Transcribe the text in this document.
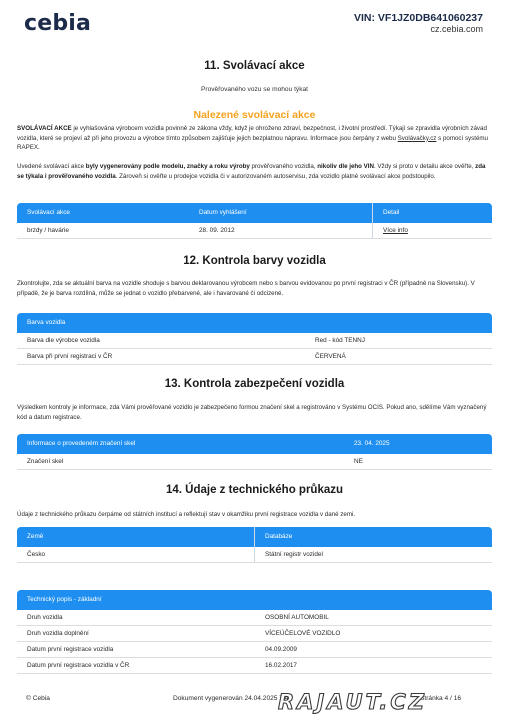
cebia	VIN: VF1JZ0DB641060237
cz.cebia.com
11. Svolávací akce
Prověřovaného vozu se mohou týkat
Nalezené svolávací akce
SVOLÁVACÍ AKCE je vyhlašována výrobcem vozidla povinně ze zákona vždy, když je ohroženo zdraví, bezpečnost, i životní prostředí. Týkají se zpravidla výrobních závad vozidla, které se projeví až při jeho provozu a výrobce tímto způsobem zajišťuje jejich bezplatnou nápravu. Informace jsou čerpány z webu Svolávačky.cz s pomocí systému RAPEX.
Uvedené svolávací akce byly vygenerovány podle modelu, značky a roku výroby prověřovaného vozidla, nikoliv dle jeho VIN. Vždy si proto v detailu akce ověřte, zda se týkala i prověřovaného vozidla. Zároveň si ověřte u prodejce vozidla či v autorizovaném autoservisu, zda vozidlo platné svolávací akce podstoupilo.
Svolávací akce	Datum vyhlášení	Detail
brzdy / havárie	28. 09. 2012	Více info
12. Kontrola barvy vozidla
Zkontrolujte, zda se aktuální barva na vozidle shoduje s barvou deklarovanou výrobcem nebo s barvou evidovanou po první registraci v ČR (případně na Slovensku). V případě, že je barva rozdílná, může se jednat o vozidlo přebarvené, ale i havarované či odcizené.
Barva vozidla
Barva dle výrobce vozidla	Red - kód TENNJ
Barva při první registraci v ČR	ČERVENÁ
13. Kontrola zabezpečení vozidla
Výsledkem kontroly je informace, zda Vámi prověřované vozidlo je zabezpečeno formou značení skel a registrováno v Systému OCIS. Pokud ano, sdělíme Vám vyznačený kód a datum registrace.
Informace o provedeném značení skel	23. 04. 2025
Značení skel	NE
14. Údaje z technického průkazu
Údaje z technického průkazu čerpáme od státních institucí a reflektují stav v okamžiku první registrace vozidla v dané zemi.
Země	Databáze
Česko	Státní registr vozidel
Technický popis - základní
Druh vozidla	OSOBNÍ AUTOMOBIL
Druh vozidla doplnění	VÍCEÚČELOVÉ VOZIDLO
Datum první registrace vozidla	04.09.2009
Datum první registrace vozidla v ČR	16.02.2017
© Cebia	Dokument vygenerován 24.04.2025 7:40	Stránka 4 / 16
RAJAUT.CZ
